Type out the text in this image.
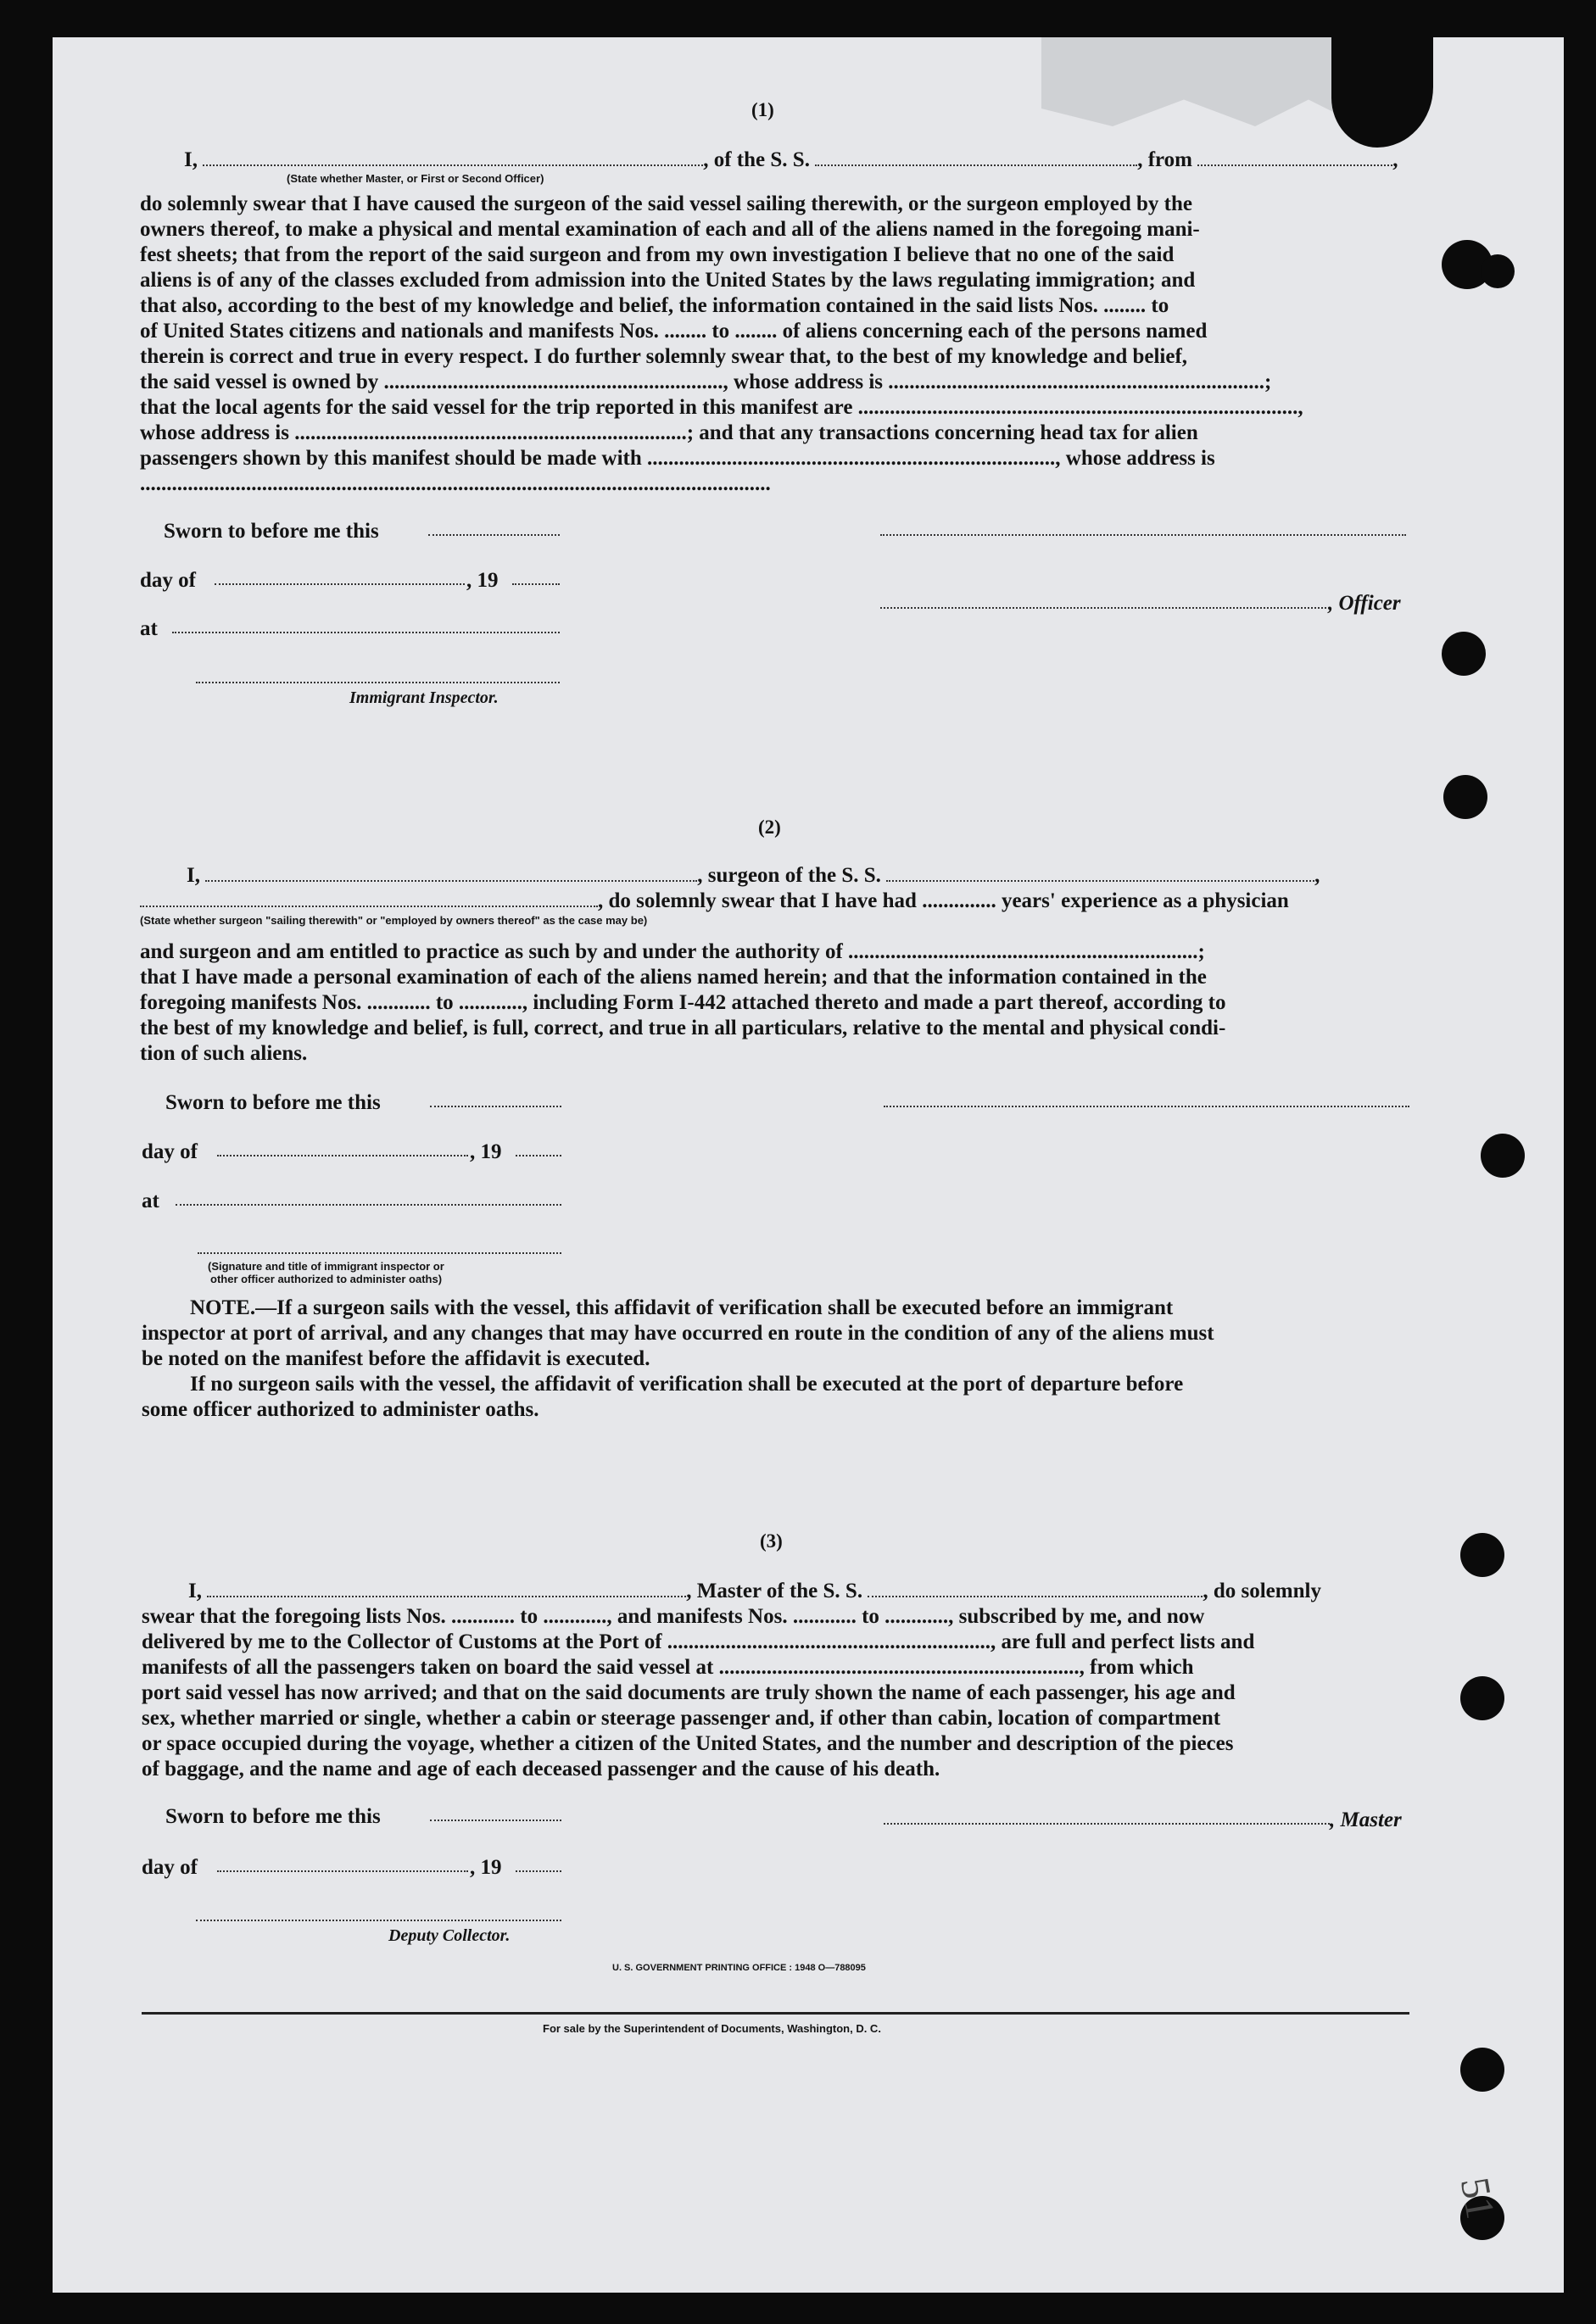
(1)
I,	, of the S. S.	, from	,
(State whether Master, or First or Second Officer)
do solemnly swear that I have caused the surgeon of the said vessel sailing therewith, or the surgeon employed by the
owners thereof, to make a physical and mental examination of each and all of the aliens named in the foregoing mani-
fest sheets; that from the report of the said surgeon and from my own investigation I believe that no one of the said
aliens is of any of the classes excluded from admission into the United States by the laws regulating immigration; and
that also, according to the best of my knowledge and belief, the information contained in the said lists Nos. ........ to
of United States citizens and nationals and manifests Nos. ........ to ........ of aliens concerning each of the persons named
therein is correct and true in every respect. I do further solemnly swear that, to the best of my knowledge and belief,
the said vessel is owned by ................................................................, whose address is .......................................................................;
that the local agents for the said vessel for the trip reported in this manifest are ...................................................................................,
whose address is ..........................................................................; and that any transactions concerning head tax for alien
passengers shown by this manifest should be made with ............................................................................., whose address is
.......................................................................................................................
Sworn to before me this
day of	, 19
, Officer
at
Immigrant Inspector.
(2)
I,	, surgeon of the S. S.	,
, do solemnly swear that I have had .............. years' experience as a physician
(State whether surgeon "sailing therewith" or "employed by owners thereof" as the case may be)
and surgeon and am entitled to practice as such by and under the authority of ..................................................................;
that I have made a personal examination of each of the aliens named herein; and that the information contained in the
foregoing manifests Nos. ............ to ............, including Form I-442 attached thereto and made a part thereof, according to
the best of my knowledge and belief, is full, correct, and true in all particulars, relative to the mental and physical condi-
tion of such aliens.
Sworn to before me this
day of	, 19
at
(Signature and title of immigrant inspector or
other officer authorized to administer oaths)
NOTE.—If a surgeon sails with the vessel, this affidavit of verification shall be executed before an immigrant
inspector at port of arrival, and any changes that may have occurred en route in the condition of any of the aliens must
be noted on the manifest before the affidavit is executed.
If no surgeon sails with the vessel, the affidavit of verification shall be executed at the port of departure before
some officer authorized to administer oaths.
(3)
I,	, Master of the S. S.	, do solemnly
swear that the foregoing lists Nos. ............ to ............, and manifests Nos. ............ to ............, subscribed by me, and now
delivered by me to the Collector of Customs at the Port of ............................................................., are full and perfect lists and
manifests of all the passengers taken on board the said vessel at ...................................................................., from which
port said vessel has now arrived; and that on the said documents are truly shown the name of each passenger, his age and
sex, whether married or single, whether a cabin or steerage passenger and, if other than cabin, location of compartment
or space occupied during the voyage, whether a citizen of the United States, and the number and description of the pieces
of baggage, and the name and age of each deceased passenger and the cause of his death.
Sworn to before me this	, Master
day of	, 19
Deputy Collector.
U. S. GOVERNMENT PRINTING OFFICE : 1948 O—788095
For sale by the Superintendent of Documents, Washington, D. C.
51
